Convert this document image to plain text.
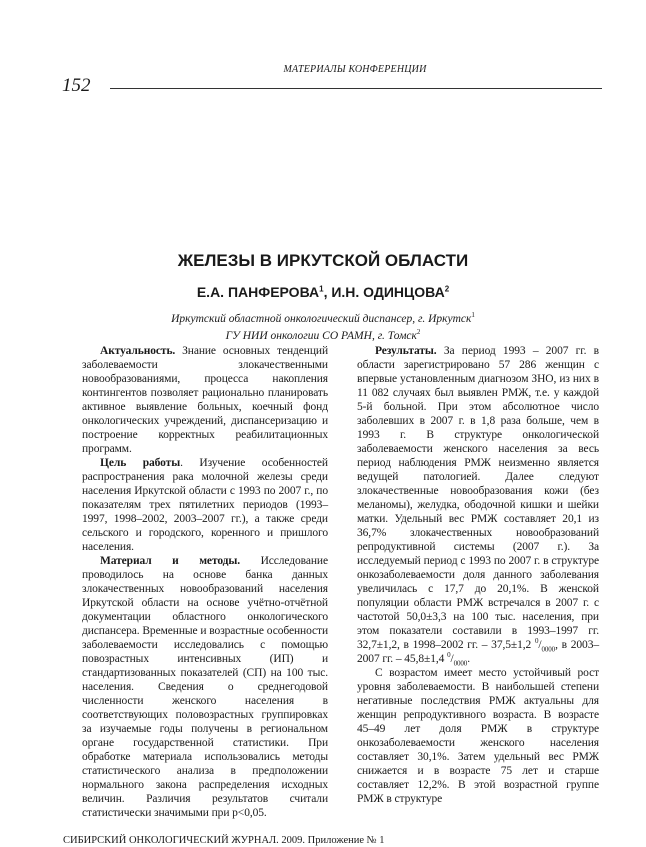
МАТЕРИАЛЫ КОНФЕРЕНЦИИ
152
ЖЕЛЕЗЫ В ИРКУТСКОЙ ОБЛАСТИ
Е.А. ПАНФЕРОВА$^1$, И.Н. ОДИНЦОВА$^2$
Иркутский областной онкологический диспансер, г. Иркутск$^1$
ГУ НИИ онкологии СО РАМН, г. Томск$^2$

Актуальность. Знание основных тенденций заболеваемости злокачественными новообразованиями, процесса накопления контингентов позволяет рационально планировать активное выявление больных, коечный фонд онкологических учреждений, диспансеризацию и построение корректных реабилитационных программ.

Цель работы. Изучение особенностей распространения рака молочной железы среди населения Иркутской области с 1993 по 2007 г., по показателям трех пятилетних периодов (1993–1997, 1998–2002, 2003–2007 гг.), а также среди сельского и городского, коренного и пришлого населения.

Материал и методы. Исследование проводилось на основе банка данных злокачественных новообразований населения Иркутской области на основе учётно-отчётной документации областного онкологического диспансера. Временные и возрастные особенности заболеваемости исследовались с помощью повозрастных интенсивных (ИП) и стандартизованных показателей (СП) на 100 тыс. населения. Сведения о среднегодовой численности женского населения в соответствующих половозрастных группировках за изучаемые годы получены в региональном органе государственной статистики. При обработке материала использовались методы статистического анализа в предположении нормального закона распределения исходных величин. Различия результатов считали статистически значимыми при p<0,05.

Результаты. За период 1993 – 2007 гг. в области зарегистрировано 57 286 женщин с впервые установленным диагнозом ЗНО, из них в 11 082 случаях был выявлен РМЖ, т.е. у каждой 5-й больной. При этом абсолютное число заболевших в 2007 г. в 1,8 раза больше, чем в 1993 г. В структуре онкологической заболеваемости женского населения за весь период наблюдения РМЖ неизменно является ведущей патологией. Далее следуют злокачественные новообразования кожи (без меланомы), желудка, ободочной кишки и шейки матки. Удельный вес РМЖ составляет 20,1 из 36,7% злокачественных новообразований репродуктивной системы (2007 г.). За исследуемый период с 1993 по 2007 г. в структуре онкозаболеваемости доля данного заболевания увеличилась с 17,7 до 20,1%. В женской популяции области РМЖ встречался в 2007 г. с частотой 50,0±3,3 на 100 тыс. населения, при этом показатели составили в 1993–1997 гг. 32,7±1,2, в 1998–2002 гг. – 37,5±1,2 $^0/_{0000}$, в 2003–2007 гг. – 45,8±1,4 $^0/_{0000}$.

С возрастом имеет место устойчивый рост уровня заболеваемости. В наибольшей степени негативные последствия РМЖ актуальны для женщин репродуктивного возраста. В возрасте 45–49 лет доля РМЖ в структуре онкозаболеваемости женского населения составляет 30,1%. Затем удельный вес РМЖ снижается и в возрасте 75 лет и старше составляет 12,2%. В этой возрастной группе РМЖ в структуре

СИБИРСКИЙ ОНКОЛОГИЧЕСКИЙ ЖУРНАЛ. 2009. Приложение № 1
